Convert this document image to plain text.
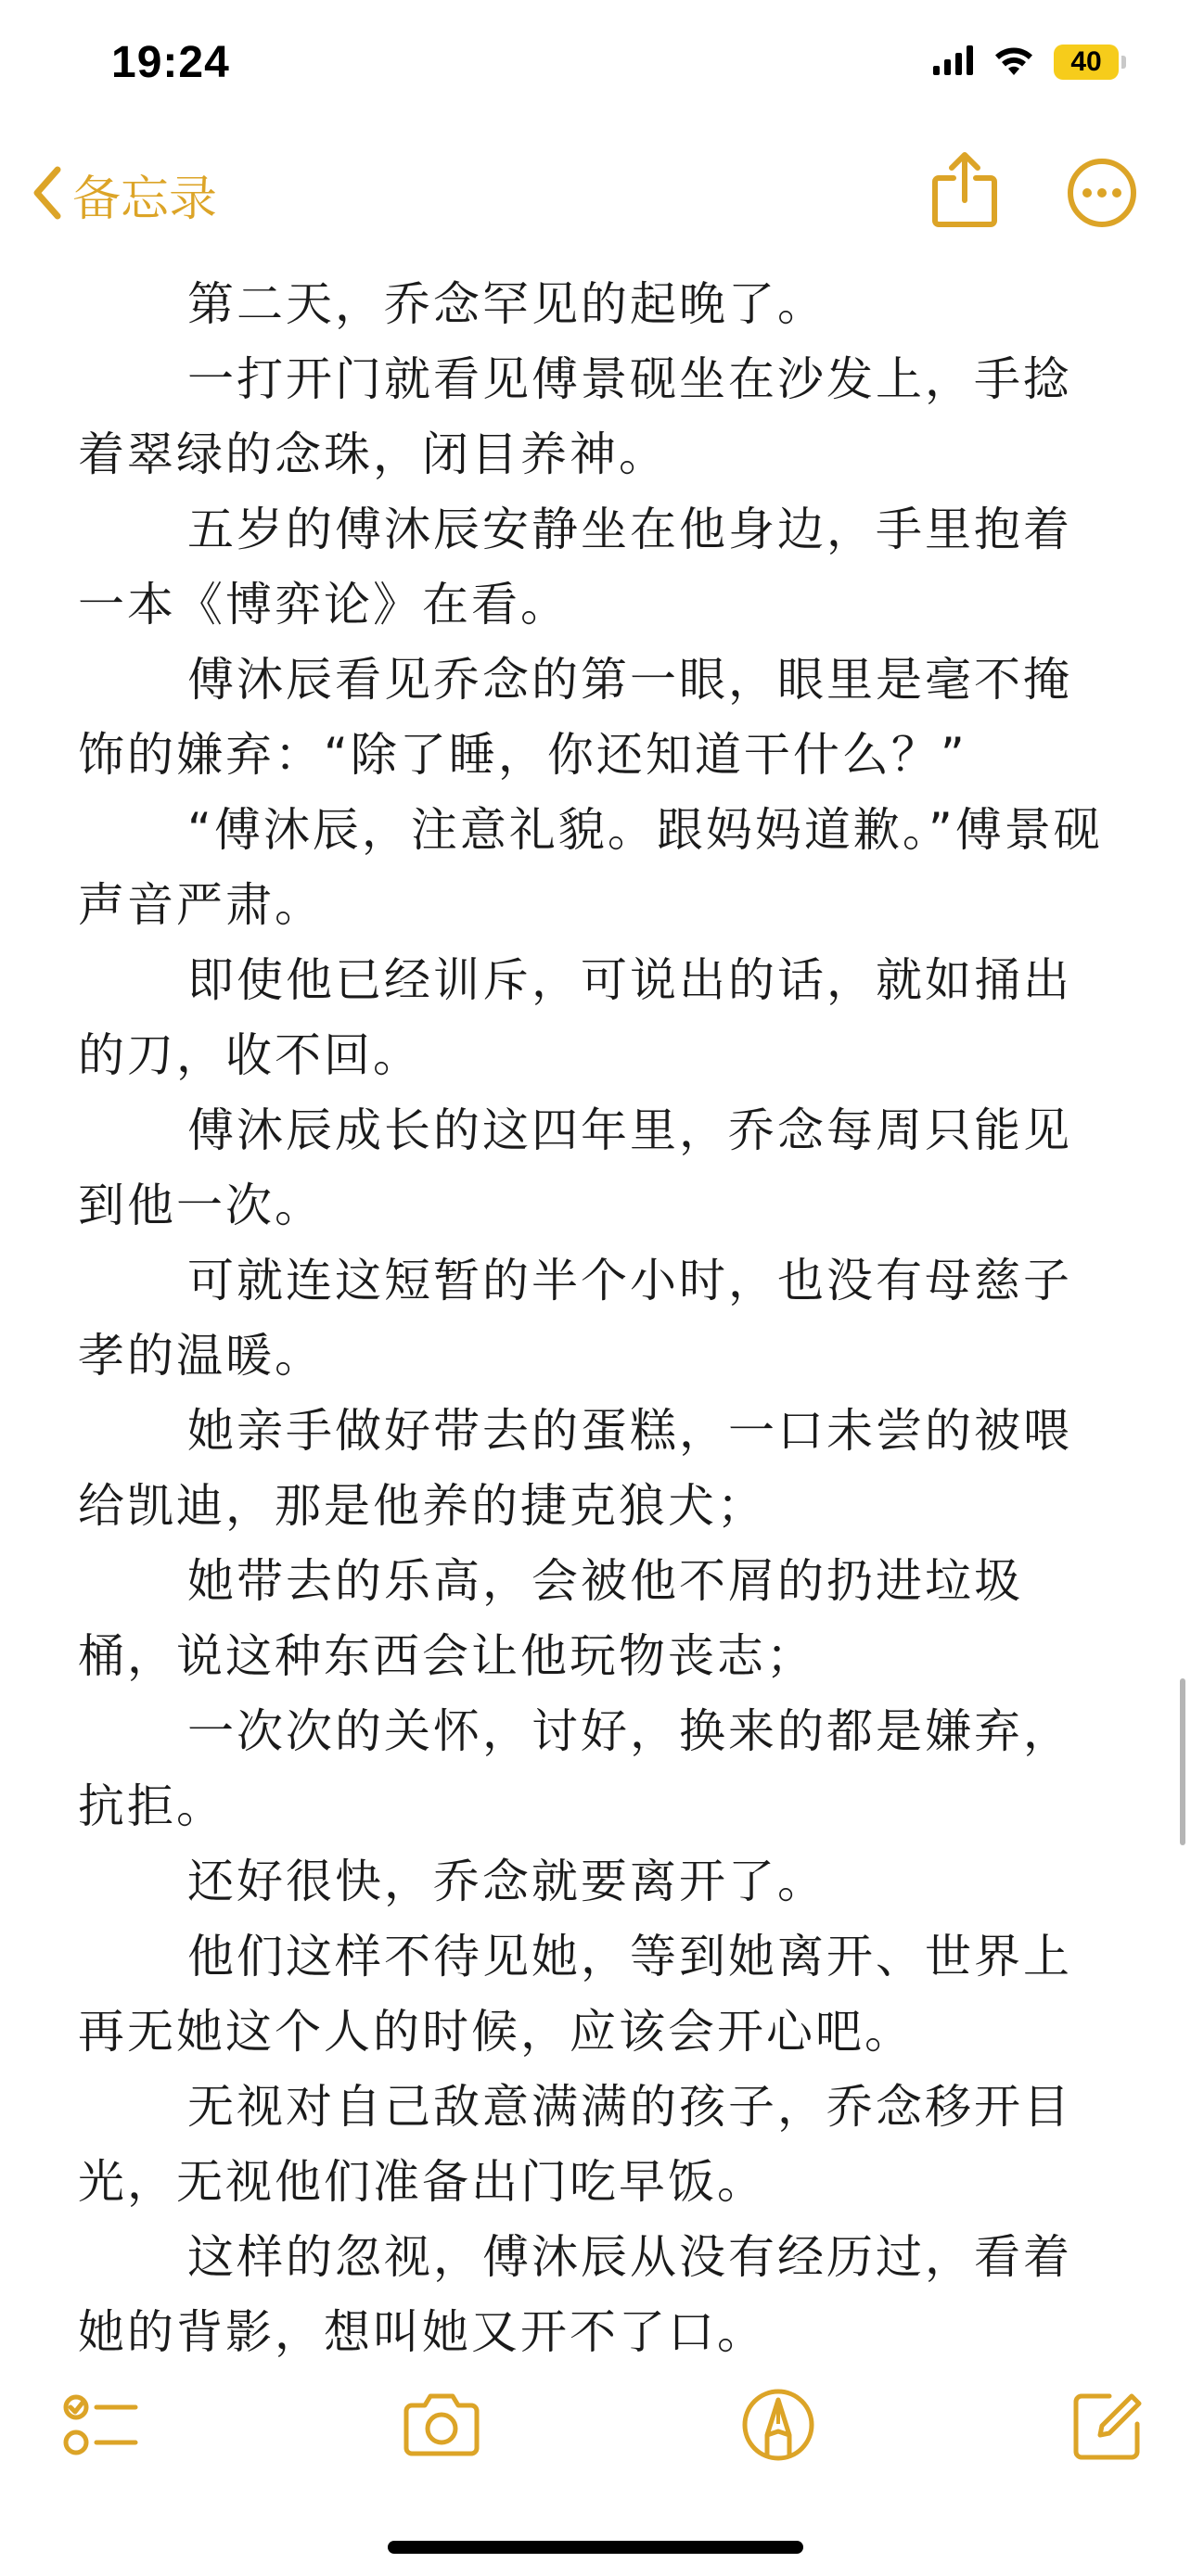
19:24	40
备忘录

第二天，乔念罕见的起晚了。

一打开门就看见傅景砚坐在沙发上，手捻着翠绿的念珠，闭目养神。

五岁的傅沐辰安静坐在他身边，手里抱着一本《博弈论》在看。

傅沐辰看见乔念的第一眼，眼里是毫不掩饰的嫌弃：“除了睡，你还知道干什么？”

“傅沐辰，注意礼貌。跟妈妈道歉。”傅景砚声音严肃。

即使他已经训斥，可说出的话，就如捅出的刀，收不回。

傅沐辰成长的这四年里，乔念每周只能见到他一次。

可就连这短暂的半个小时，也没有母慈子孝的温暖。

她亲手做好带去的蛋糕，一口未尝的被喂给凯迪，那是他养的捷克狼犬；

她带去的乐高，会被他不屑的扔进垃圾桶，说这种东西会让他玩物丧志；

一次次的关怀，讨好，换来的都是嫌弃，抗拒。

还好很快，乔念就要离开了。

他们这样不待见她，等到她离开、世界上再无她这个人的时候，应该会开心吧。

无视对自己敌意满满的孩子，乔念移开目光，无视他们准备出门吃早饭。

这样的忽视，傅沐辰从没有经历过，看着她的背影，想叫她又开不了口。
